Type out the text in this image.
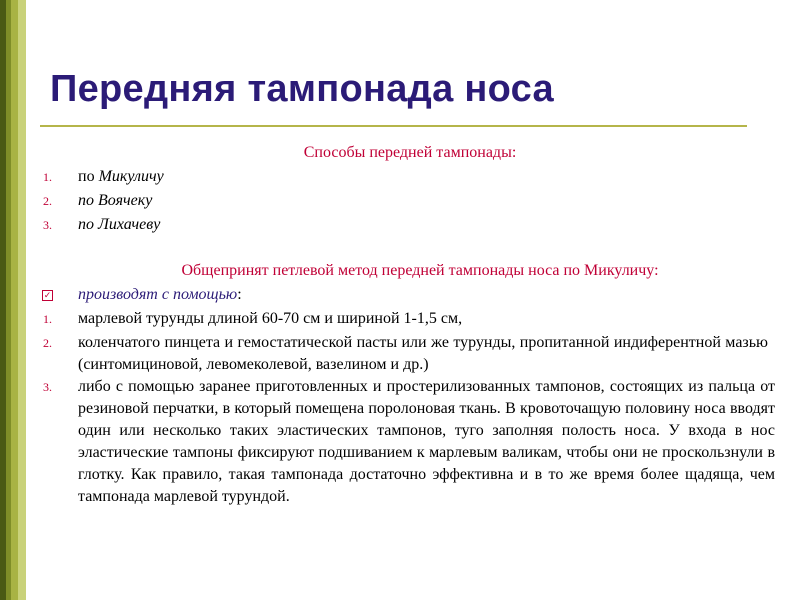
Передняя тампонада носа
Способы передней тампонады:
1. по Микуличу
2. по Воячеку
3. по Лихачеву
Общепринят петлевой метод передней тампонады носа по Микуличу:
✓ производят с помощью:
1. марлевой турунды длиной 60-70 см и шириной 1-1,5 см,
2. коленчатого пинцета и гемостатической пасты или же турунды, пропитанной индиферентной мазью (синтомициновой, левомеколевой, вазелином и др.)
3. либо с помощью заранее приготовленных и простерилизованных тампонов, состоящих из пальца от резиновой перчатки, в который помещена поролоновая ткань. В кровоточащую половину носа вводят один или несколько таких эластических тампонов, туго заполняя полость носа. У входа в нос эластические тампоны фиксируют подшиванием к марлевым валикам, чтобы они не проскользнули в глотку. Как правило, такая тампонада достаточно эффективна и в то же время более щадяща, чем тампонада марлевой турундой.
